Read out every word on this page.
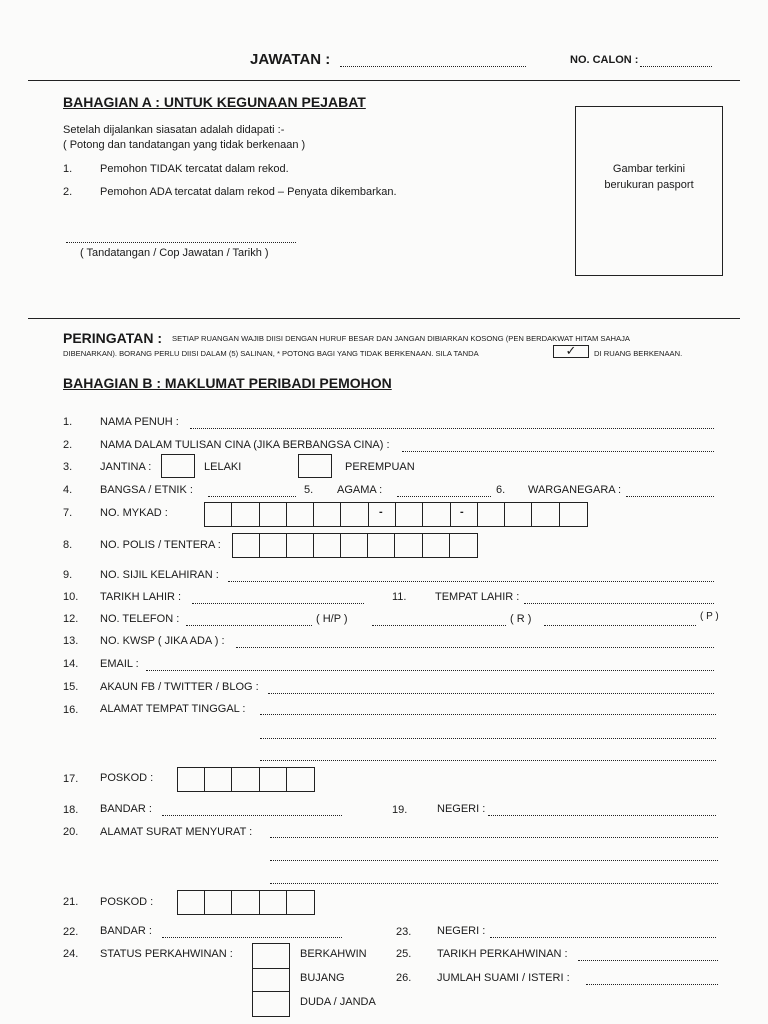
JAWATAN :	NO. CALON :
BAHAGIAN A : UNTUK KEGUNAAN PEJABAT
Setelah dijalankan siasatan adalah didapati :-
( Potong dan tandatangan yang tidak berkenaan )
1.	Pemohon TIDAK tercatat dalam rekod.
2.	Pemohon ADA tercatat dalam rekod – Penyata dikembarkan.
( Tandatangan / Cop Jawatan / Tarikh )
Gambar terkini berukuran pasport
PERINGATAN : SETIAP RUANGAN WAJIB DIISI DENGAN HURUF BESAR DAN JANGAN DIBIARKAN KOSONG (PEN BERDAKWAT HITAM SAHAJA
DIBENARKAN). BORANG PERLU DIISI DALAM (5) SALINAN, * POTONG BAGI YANG TIDAK BERKENAAN. SILA TANDA	✓	DI RUANG BERKENAAN.
BAHAGIAN B : MAKLUMAT PERIBADI PEMOHON
1.	NAMA PENUH :
2.	NAMA DALAM TULISAN CINA (JIKA BERBANGSA CINA) :
3.	JANTINA :	LELAKI	PEREMPUAN
4.	BANGSA / ETNIK :	5. AGAMA :	6. WARGANEGARA :
7.	NO. MYKAD :	-	-
8.	NO. POLIS / TENTERA :
9.	NO. SIJIL KELAHIRAN :
10. TARIKH LAHIR :	11.	TEMPAT LAHIR :
12. NO. TELEFON :	( H/P )	( R )	( P )
13. NO. KWSP ( JIKA ADA ) :
14. EMAIL :
15. AKAUN FB / TWITTER / BLOG :
16. ALAMAT TEMPAT TINGGAL :
17. POSKOD :
18. BANDAR :	19.	NEGERI :
20. ALAMAT SURAT MENYURAT :
21. POSKOD :
22. BANDAR :	23. NEGERI :
24. STATUS PERKAHWINAN :	BERKAHWIN
BUJANG
DUDA / JANDA
25. TARIKH PERKAHWINAN :
26. JUMLAH SUAMI / ISTERI :
